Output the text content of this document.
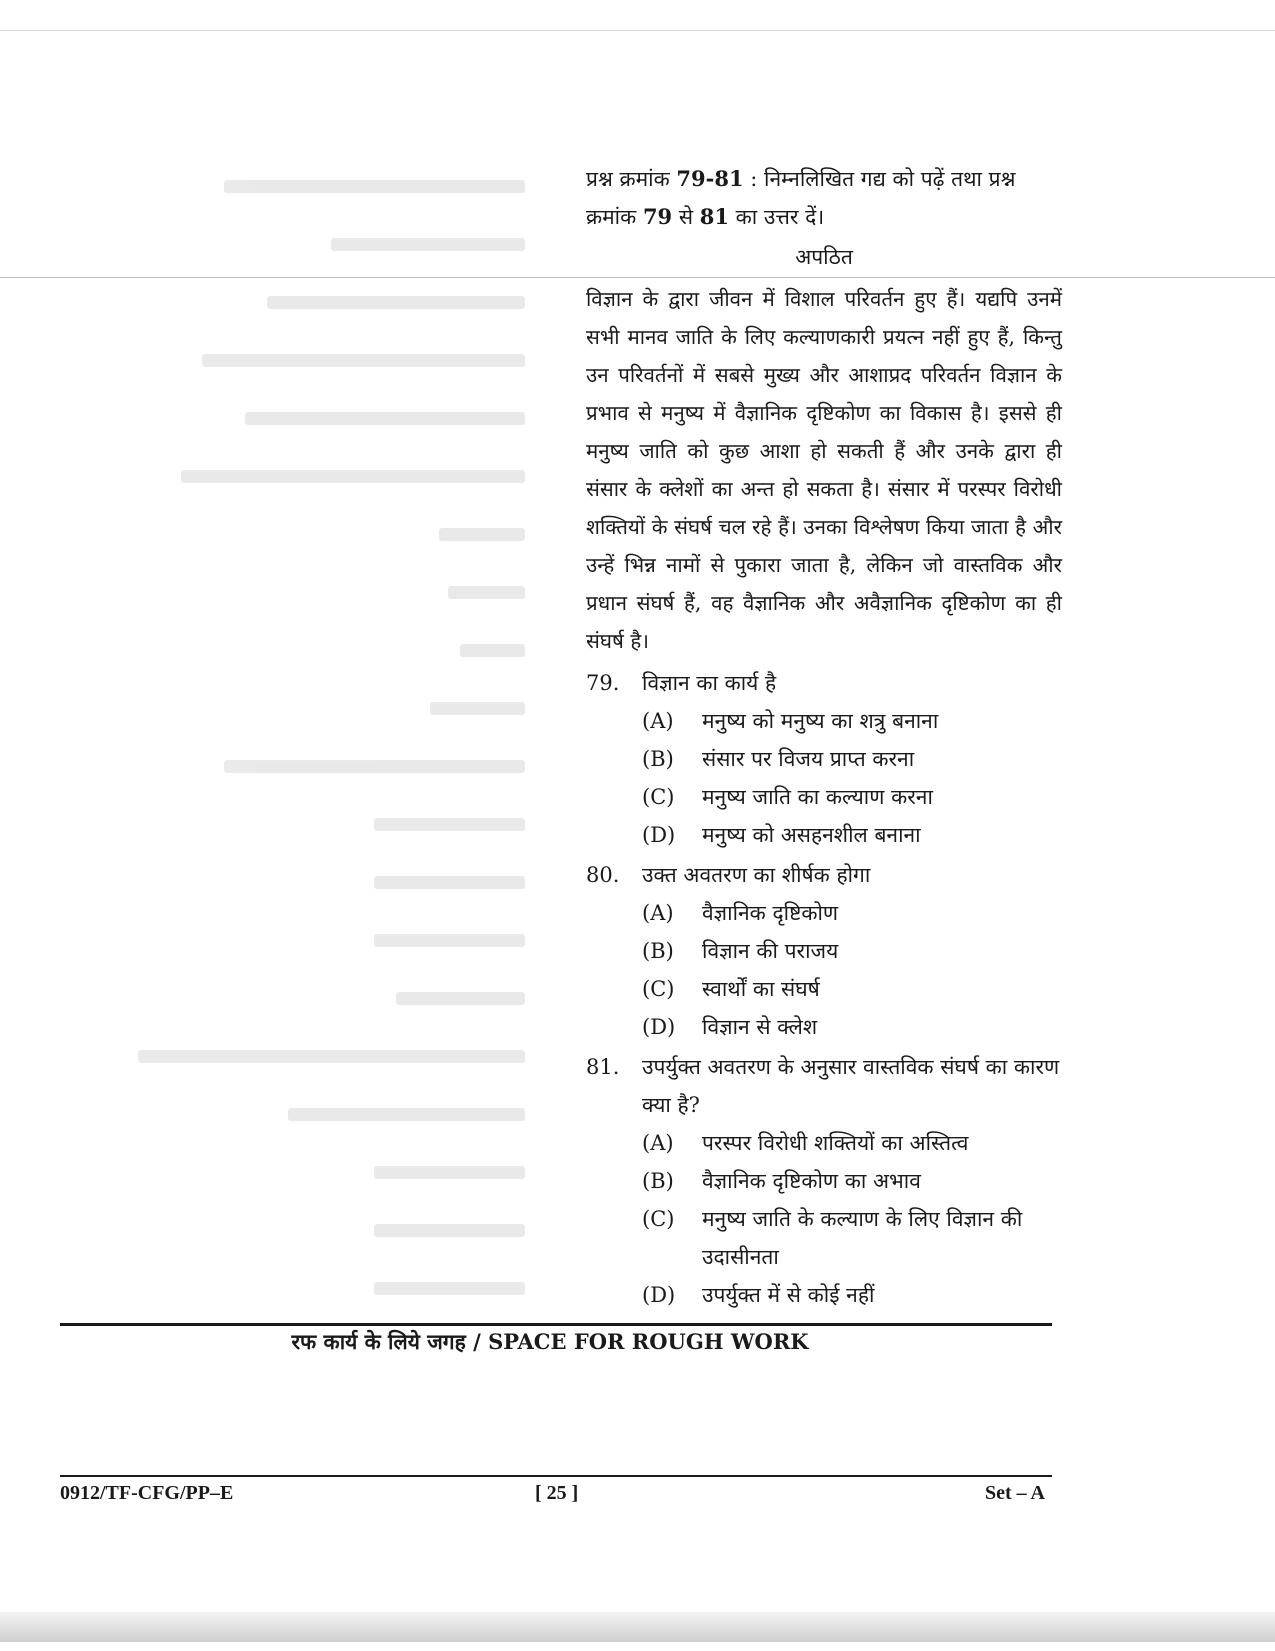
प्रश्न क्रमांक 79-81 : निम्नलिखित गद्य को पढ़ें तथा प्रश्न
क्रमांक 79 से 81 का उत्तर दें।

अपठित
विज्ञान के द्वारा जीवन में विशाल परिवर्तन हुए हैं। यद्यपि उनमें सभी मानव जाति के लिए कल्याणकारी प्रयत्न नहीं हुए हैं, किन्तु उन परिवर्तनों में सबसे मुख्य और आशाप्रद परिवर्तन विज्ञान के प्रभाव से मनुष्य में वैज्ञानिक दृष्टिकोण का विकास है। इससे ही मनुष्य जाति को कुछ आशा हो सकती हैं और उनके द्वारा ही संसार के क्लेशों का अन्त हो सकता है। संसार में परस्पर विरोधी शक्तियों के संघर्ष चल रहे हैं। उनका विश्लेषण किया जाता है और उन्हें भिन्न नामों से पुकारा जाता है, लेकिन जो वास्तविक और प्रधान संघर्ष हैं, वह वैज्ञानिक और अवैज्ञानिक दृष्टिकोण का ही संघर्ष है।
79.	विज्ञान का कार्य है
(A)	मनुष्य को मनुष्य का शत्रु बनाना
(B)	संसार पर विजय प्राप्त करना
(C)	मनुष्य जाति का कल्याण करना
(D)	मनुष्य को असहनशील बनाना
80.	उक्त अवतरण का शीर्षक होगा
(A)	वैज्ञानिक दृष्टिकोण
(B)	विज्ञान की पराजय
(C)	स्वार्थों का संघर्ष
(D)	विज्ञान से क्लेश
81.	उपर्युक्त अवतरण के अनुसार वास्तविक संघर्ष का कारण क्या है?
(A)	परस्पर विरोधी शक्तियों का अस्तित्व
(B)	वैज्ञानिक दृष्टिकोण का अभाव
(C)	मनुष्य जाति के कल्याण के लिए विज्ञान की उदासीनता
(D)	उपर्युक्त में से कोई नहीं
रफ कार्य के लिये जगह / SPACE FOR ROUGH WORK
0912/TF-CFG/PP–E	[ 25 ]	Set – A
